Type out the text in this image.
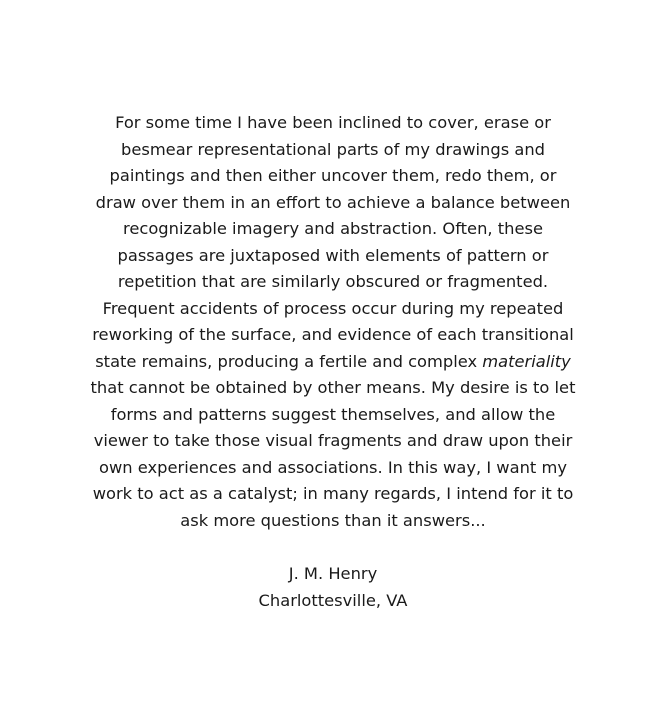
For some time I have been inclined to cover, erase or
besmear representational parts of my drawings and
paintings and then either uncover them, redo them, or
draw over them in an effort to achieve a balance between
recognizable imagery and abstraction. Often, these
passages are juxtaposed with elements of pattern or
repetition that are similarly obscured or fragmented.
Frequent accidents of process occur during my repeated
reworking of the surface, and evidence of each transitional
state remains, producing a fertile and complex materiality
that cannot be obtained by other means. My desire is to let
forms and patterns suggest themselves, and allow the
viewer to take those visual fragments and draw upon their
own experiences and associations. In this way, I want my
work to act as a catalyst; in many regards, I intend for it to
ask more questions than it answers...

J. M. Henry
Charlottesville, VA
